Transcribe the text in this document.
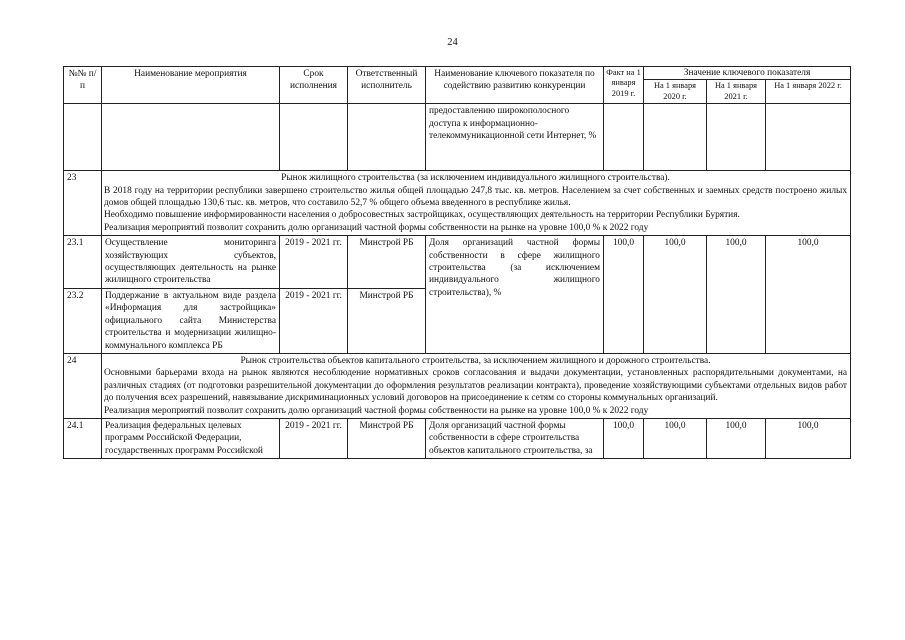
24
№№ п/п	Наименование мероприятия	Срок исполнения	Ответственный исполнитель	Наименование ключевого показателя по содействию развитию конкуренции	Факт на 1 января 2019 г.	Значение ключевого показателя		
						На 1 января 2020 г.	На 1 января 2021 г.	На 1 января 2022 г.
				предоставлению широкополосного доступа к информационно-телекоммуникационной сети Интернет, %				
23	Рынок жилищного строительства (за исключением индивидуального жилищного строительства).
В 2018 году на территории республики завершено строительство жилья общей площадью 247,8 тыс. кв. метров. Населением за счет собственных и заемных средств построено жилых домов общей площадью 130,6 тыс. кв. метров, что составило 52,7 % общего объема введенного в республике жилья.
Необходимо повышение информированности населения о добросовестных застройщиках, осуществляющих деятельность на территории Республики Бурятия.
Реализация мероприятий позволит сохранить долю организаций частной формы собственности на рынке на уровне 100,0 % к 2022 году							

23.1	Осуществление мониторинга хозяйствующих субъектов, осуществляющих деятельность на рынке жилищного строительства	2019 - 2021 гг.	Минстрой РБ	Доля организаций частной формы собственности в сфере жилищного строительства (за исключением индивидуального жилищного строительства), %	100,0	100,0	100,0	100,0
23.2	Поддержание в актуальном виде раздела «Информация для застройщика» официального сайта Министерства строительства и модернизации жилищно-коммунального комплекса РБ	2019 - 2021 гг.	Минстрой РБ					
24	Рынок строительства объектов капитального строительства, за исключением жилищного и дорожного строительства.
Основными барьерами входа на рынок являются несоблюдение нормативных сроков согласования и выдачи документации, установленных распорядительными документами, на различных стадиях (от подготовки разрешительной документации до оформления результатов реализации контракта), проведение хозяйствующими субъектами отдельных видов работ до получения всех разрешений, навязывание дискриминационных условий договоров на присоединение к сетям со стороны коммунальных организаций.
Реализация мероприятий позволит сохранить долю организаций частной формы собственности на рынке на уровне 100,0 % к 2022 году							

24.1	Реализация федеральных целевых программ Российской Федерации, государственных программ Российской	2019 - 2021 гг.	Минстрой РБ	Доля организаций частной формы собственности в сфере строительства объектов капитального строительства, за	100,0	100,0	100,0	100,0
